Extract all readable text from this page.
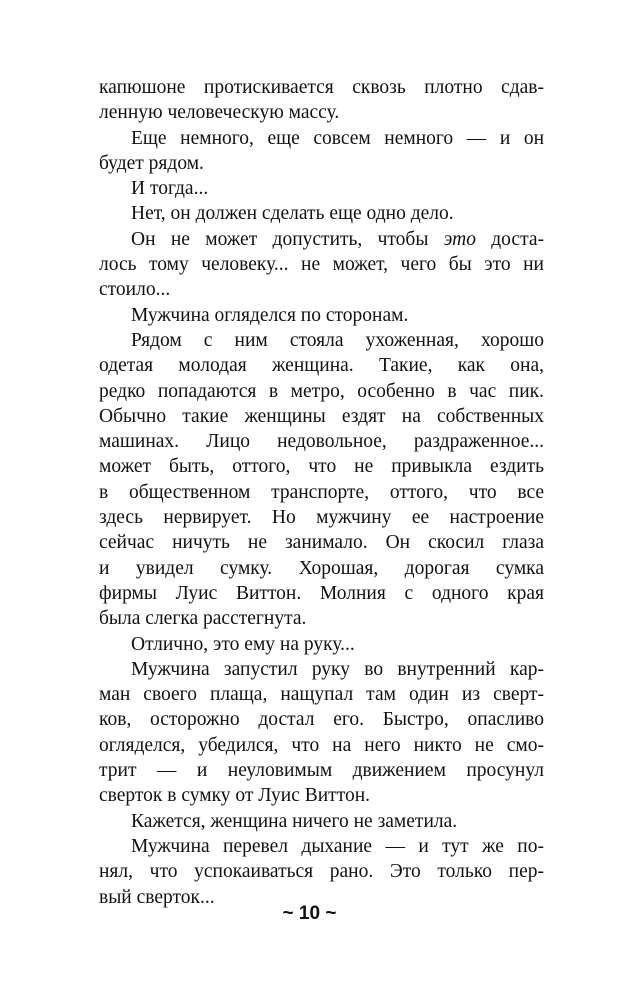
капюшоне протискивается сквозь плотно сдав-
ленную человеческую массу.
Еще немного, еще совсем немного — и он
будет рядом.
И тогда...
Нет, он должен сделать еще одно дело.
Он не может допустить, чтобы это доста-
лось тому человеку... не может, чего бы это ни
стоило...
Мужчина огляделся по сторонам.
Рядом с ним стояла ухоженная, хорошо
одетая молодая женщина. Такие, как она,
редко попадаются в метро, особенно в час пик.
Обычно такие женщины ездят на собственных
машинах. Лицо недовольное, раздраженное...
может быть, оттого, что не привыкла ездить
в общественном транспорте, оттого, что все
здесь нервирует. Но мужчину ее настроение
сейчас ничуть не занимало. Он скосил глаза
и увидел сумку. Хорошая, дорогая сумка
фирмы Луис Виттон. Молния с одного края
была слегка расстегнута.
Отлично, это ему на руку...
Мужчина запустил руку во внутренний кар-
ман своего плаща, нащупал там один из сверт-
ков, осторожно достал его. Быстро, опасливо
огляделся, убедился, что на него никто не смо-
трит — и неуловимым движением просунул
сверток в сумку от Луис Виттон.
Кажется, женщина ничего не заметила.
Мужчина перевел дыхание — и тут же по-
нял, что успокаиваться рано. Это только пер-
вый сверток...
~ 10 ~
